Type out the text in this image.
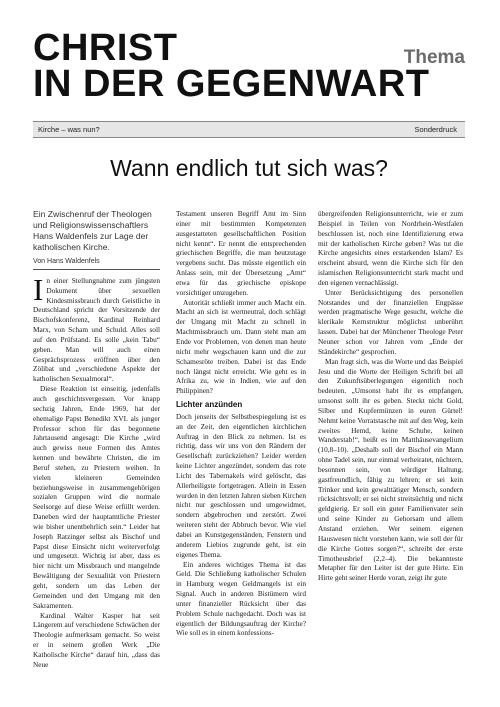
CHRIST
IN DER GEGENWART
Thema
Kirche – was nun?	Sonderdruck
Wann endlich tut sich was?
Ein Zwischenruf der Theologen und Religionswissenschaftlers Hans Waldenfels zur Lage der katholischen Kirche.
Von Hans Waldenfels

In einer Stellungnahme zum jüngsten Dokument über sexuellen Kindesmissbrauch durch Geistliche in Deutschland spricht der Vorsitzende der Bischofskonferenz, Kardinal Reinhard Marx, von Scham und Schuld. Alles soll auf den Prüfstand. Es solle „kein Tabu“ geben. Man will auch einen Gesprächsprozess eröffnen über den Zölibat und „verschiedene Aspekte der katholischen Sexualmoral“.

Diese Reaktion ist einseitig, jedenfalls auch geschichtsvergessen. Vor knapp sechzig Jahren, Ende 1969, hat der ehemalige Papst Benedikt XVI. als junger Professor schon für das begonnene Jahrtausend angesagt: Die Kirche „wird auch gewiss neue Formen des Amtes kennen und bewährte Christen, die im Beruf stehen, zu Priestern weihen. In vielen kleineren Gemeinden beziehungsweise in zusammengehörigen sozialen Gruppen wird die normale Seelsorge auf diese Weise erfüllt werden. Daneben wird der hauptamtliche Priester wie bisher unentbehrlich sein.“ Leider hat Joseph Ratzinger selbst als Bischof und Papst diese Einsicht nicht weiterverfolgt und umgesetzt. Wichtig ist aber, dass es hier nicht um Missbrauch und mangelnde Bewältigung der Sexualität von Priestern geht, sondern um das Leben der Gemeinden und den Umgang mit den Sakramenten.

Kardinal Walter Kasper hat seit Längerem auf verschiedene Schwächen der Theologie aufmerksam gemacht. So weist er in seinem großen Werk „Die Katholische Kirche“ darauf hin, „dass das Neue

Testament unseren Begriff Amt im Sinn einer mit bestimmten Kompetenzen ausgestatteten gesellschaftlichen Position nicht kennt“. Er nennt die entsprechenden griechischen Begriffe, die man heutzutage vergebens sucht. Das müsste eigentlich ein Anlass sein, mit der Übersetzung „Amt“ etwa für das griechische episkope vorsichtiger umzugehen.

Autorität schließt immer auch Macht ein. Macht an sich ist wertneutral, doch schlägt der Umgang mit Macht zu schnell in Machtmissbrauch um. Dann steht man am Ende vor Problemen, von denen man heute nicht mehr wegschauen kann und die zur Schamesröte treiben. Dabei ist das Ende noch längst nicht erreicht. Wie geht es in Afrika zu, wie in Indien, wie auf den Philippinen?

Lichter anzünden

Doch jenseits der Selbstbespiegelung ist es an der Zeit, den eigentlichen kirchlichen Auftrag in den Blick zu nehmen. Ist es richtig, dass wir uns von den Rändern der Gesellschaft zurückziehen? Leider werden keine Lichter angezündet, sondern das rote Licht des Tabernakels wird gelöscht, das Allerheiligste fortgetragen. Allein in Essen wurden in den letzten Jahren sieben Kirchen nicht nur geschlossen und umgewidmet, sondern abgebrochen und zerstört. Zwei weiteren steht der Abbruch bevor. Wie viel dabei an Kunstgegenständen, Fenstern und anderem Liebios zugrunde geht, ist ein eigenes Thema.

Ein anderes wichtiges Thema ist das Geld. Die Schließung katholischer Schulen in Hamburg wegen Geldmangels ist ein Signal. Auch in anderen Bistümern wird unter finanzieller Rücksicht über das Problem Schule nachgedacht. Doch was ist eigentlich der Bildungsauftrag der Kirche? Wie soll es in einem konfessions-

übergreifenden Religionsunterricht, wie er zum Beispiel in Teilen von Nordrhein-Westfalen beschlossen ist, noch eine Identifizierung etwa mit der katholischen Kirche geben? Was tut die Kirche angesichts eines erstarkenden Islam? Es erscheint absurd, wenn die Kirche sich für den islamischen Religionsunterricht stark macht und den eigenen vernachlässigt.

Unter Berücksichtigung des personellen Notstandes und der finanziellen Engpässe werden pragmatische Wege gesucht, welche die klerikale Kernstruktur möglichst unberührt lassen. Dabei hat der Münchener Theologe Peter Neuner schon vor Jahren vom „Ende der Ständekirche“ gesprochen.

Man fragt sich, was die Worte und das Beispiel Jesu und die Worte der Heiligen Schrift bei all den Zukunftsüberlegungen eigentlich noch bedeuten. „Umsonst habt ihr es empfangen, umsonst sollt ihr es geben. Steckt nicht Gold, Silber und Kupfermünzen in euren Gürtel! Nehmt keine Vorratstasche mit auf den Weg, kein zweites Hemd, keine Schuhe, keinen Wanderstab!“, heißt es im Matthäusevangelium (10,8–10). „Deshalb soll der Bischof ein Mann ohne Tadel sein, nur einmal verheiratet, nüchtern, besonnen sein, von würdiger Haltung, gastfreundlich, fähig zu lehren; er sei kein Trinker und kein gewalttätiger Mensch, sondern rücksichtsvoll; er sei nicht streitsüchtig und nicht geldgierig. Er soll ein guter Familienvater sein und seine Kinder zu Gehorsam und allem Anstand erziehen. Wer seinem eigenen Hauswesen nicht vorstehen kann, wie soll der für die Kirche Gottes sorgen?“, schreibt der erste Timotheusbrief (2,2–4). Die bekannteste Metapher für den Leiter ist der gute Hirte. Ein Hirte geht seiner Herde voran, zeigt ihr gute
